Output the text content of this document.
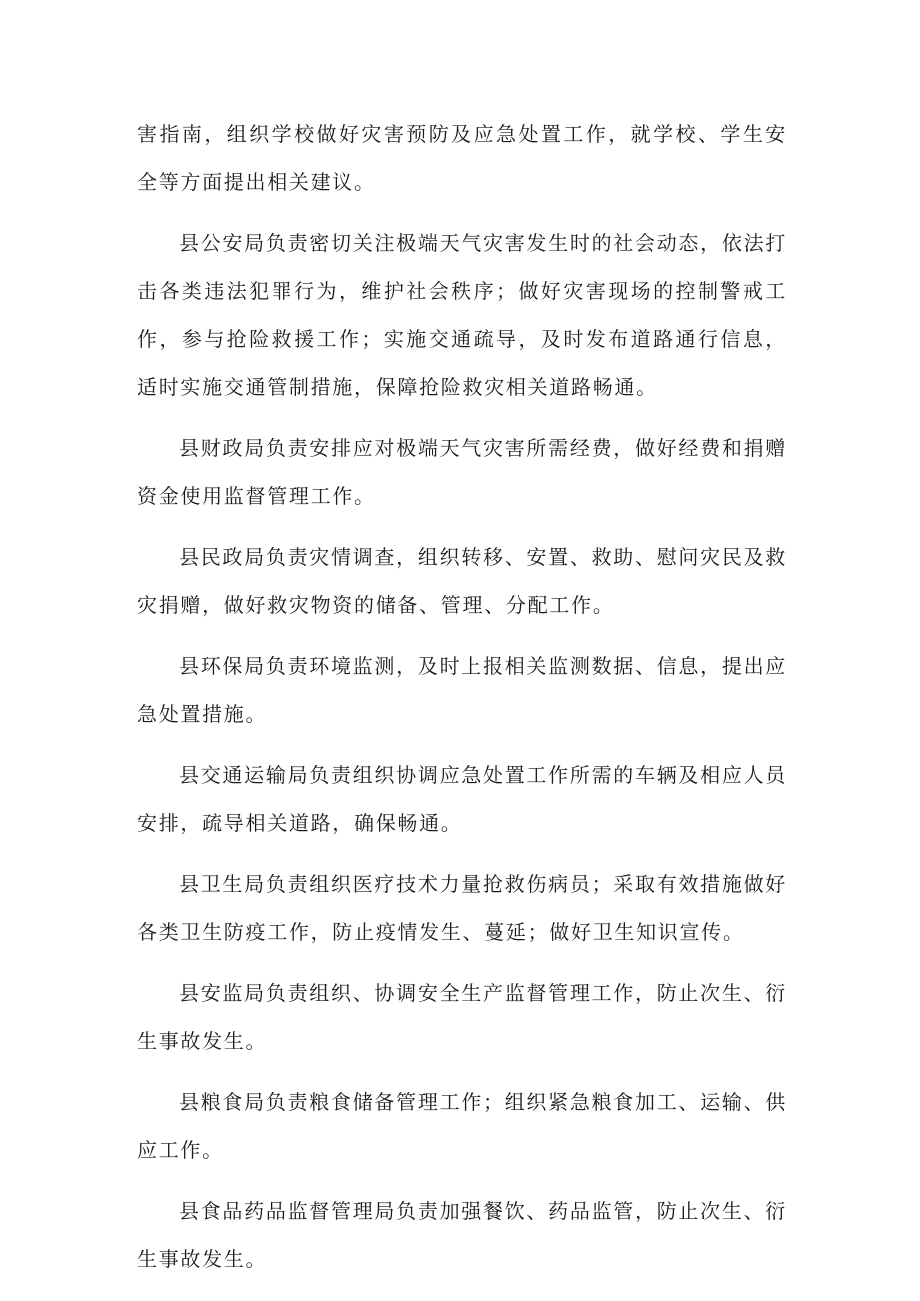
害指南，组织学校做好灾害预防及应急处置工作，就学校、学生安全等方面提出相关建议。

县公安局负责密切关注极端天气灾害发生时的社会动态，依法打击各类违法犯罪行为，维护社会秩序；做好灾害现场的控制警戒工作，参与抢险救援工作；实施交通疏导，及时发布道路通行信息，适时实施交通管制措施，保障抢险救灾相关道路畅通。

县财政局负责安排应对极端天气灾害所需经费，做好经费和捐赠资金使用监督管理工作。

县民政局负责灾情调查，组织转移、安置、救助、慰问灾民及救灾捐赠，做好救灾物资的储备、管理、分配工作。

县环保局负责环境监测，及时上报相关监测数据、信息，提出应急处置措施。

县交通运输局负责组织协调应急处置工作所需的车辆及相应人员安排，疏导相关道路，确保畅通。

县卫生局负责组织医疗技术力量抢救伤病员；采取有效措施做好各类卫生防疫工作，防止疫情发生、蔓延；做好卫生知识宣传。

县安监局负责组织、协调安全生产监督管理工作，防止次生、衍生事故发生。

县粮食局负责粮食储备管理工作；组织紧急粮食加工、运输、供应工作。

县食品药品监督管理局负责加强餐饮、药品监管，防止次生、衍生事故发生。
